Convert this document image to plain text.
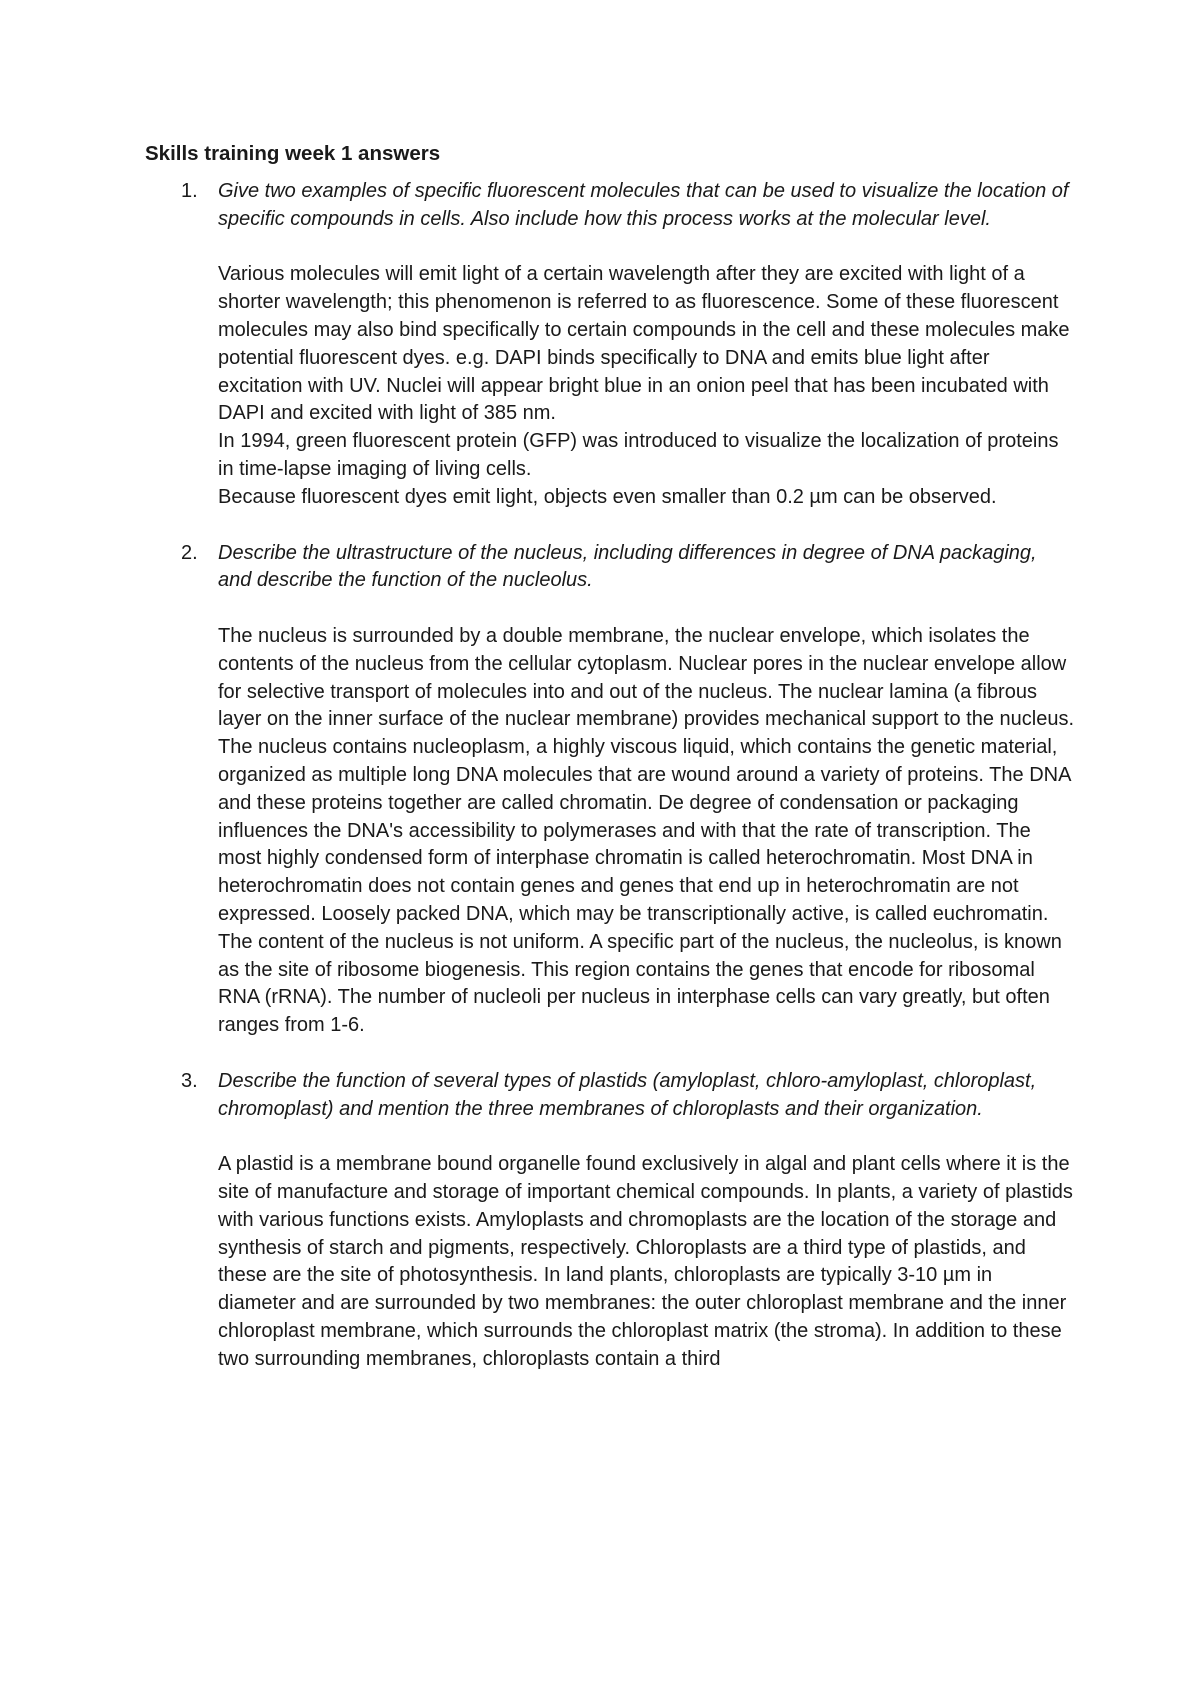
Skills training week 1 answers
1. Give two examples of specific fluorescent molecules that can be used to visualize the location of specific compounds in cells. Also include how this process works at the molecular level.

Various molecules will emit light of a certain wavelength after they are excited with light of a shorter wavelength; this phenomenon is referred to as fluorescence. Some of these fluorescent molecules may also bind specifically to certain compounds in the cell and these molecules make potential fluorescent dyes. e.g. DAPI binds specifically to DNA and emits blue light after excitation with UV. Nuclei will appear bright blue in an onion peel that has been incubated with DAPI and excited with light of 385 nm.

In 1994, green fluorescent protein (GFP) was introduced to visualize the localization of proteins in time-lapse imaging of living cells.

Because fluorescent dyes emit light, objects even smaller than 0.2 µm can be observed.

2. Describe the ultrastructure of the nucleus, including differences in degree of DNA packaging, and describe the function of the nucleolus.

The nucleus is surrounded by a double membrane, the nuclear envelope, which isolates the contents of the nucleus from the cellular cytoplasm. Nuclear pores in the nuclear envelope allow for selective transport of molecules into and out of the nucleus. The nuclear lamina (a fibrous layer on the inner surface of the nuclear membrane) provides mechanical support to the nucleus. The nucleus contains nucleoplasm, a highly viscous liquid, which contains the genetic material, organized as multiple long DNA molecules that are wound around a variety of proteins. The DNA and these proteins together are called chromatin. De degree of condensation or packaging influences the DNA's accessibility to polymerases and with that the rate of transcription. The most highly condensed form of interphase chromatin is called heterochromatin. Most DNA in heterochromatin does not contain genes and genes that end up in heterochromatin are not expressed. Loosely packed DNA, which may be transcriptionally active, is called euchromatin. The content of the nucleus is not uniform. A specific part of the nucleus, the nucleolus, is known as the site of ribosome biogenesis. This region contains the genes that encode for ribosomal RNA (rRNA). The number of nucleoli per nucleus in interphase cells can vary greatly, but often ranges from 1-6.

3. Describe the function of several types of plastids (amyloplast, chloro-amyloplast, chloroplast, chromoplast) and mention the three membranes of chloroplasts and their organization.

A plastid is a membrane bound organelle found exclusively in algal and plant cells where it is the site of manufacture and storage of important chemical compounds. In plants, a variety of plastids with various functions exists. Amyloplasts and chromoplasts are the location of the storage and synthesis of starch and pigments, respectively. Chloroplasts are a third type of plastids, and these are the site of photosynthesis. In land plants, chloroplasts are typically 3-10 µm in diameter and are surrounded by two membranes: the outer chloroplast membrane and the inner chloroplast membrane, which surrounds the chloroplast matrix (the stroma). In addition to these two surrounding membranes, chloroplasts contain a third
